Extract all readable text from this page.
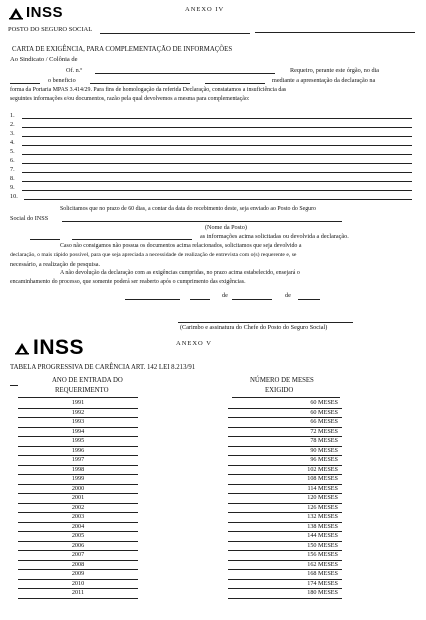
INSS	ANEXO IV
POSTO DO SEGURO SOCIAL
CARTA DE EXIGÊNCIA, PARA COMPLEMENTAÇÃO DE INFORMAÇÕES
Ao Sindicato / Colônia de
Of. n.º	Requeiro, perante este órgão, no dia
o beneficio	mediante a apresentação da declaração na
forma da Portaria MPAS 3.414/29. Para fins de homologação da referida Declaração, constatamos a insuficiência das
seguintes informações e/ou documentos, razão pela qual devolvemos a mesma para complementação:
1.
2.
3.
4.
5.
6.
7.
8.
9.
10.
Solicitamos que no prazo de 60 dias, a contar da data do recebimento deste, seja enviado ao Posto do Seguro
Social do INSS
(Nome da Posto)
as informações acima solicitadas ou devolvida a declaração.
Caso não consigamos não possua os documentos acima relacionados, solicitamos que seja devolvido a
declaração, o mais rápido possível, para que seja apreciada a necessidade de realização de entrevista com o(s) requerente e, se
necessário, a realização de pesquisa.
A não devolução da declaração com as exigências cumpridas, no prazo acima estabelecido, ensejará o
encaminhamento do processo, que somente poderá ser reaberto após o cumprimento das exigências.
de	de
(Carimbo e assinatura do Chefe do Posto do Seguro Social)
INSS	ANEXO V
TABELA PROGRESSIVA DE CARÊNCIA ART. 142 LEI 8.213/91
ANO DE ENTRADA DO
REQUERIMENTO
NÚMERO DE MESES
EXIGIDO
1991		60 MESES
1992		60 MESES
1993		66 MESES
1994		72 MESES
1995		78 MESES
1996		90 MESES
1997		96 MESES
1998		102 MESES
1999		108 MESES
2000		114 MESES
2001		120 MESES
2002		126 MESES
2003		132 MESES
2004		138 MESES
2005		144 MESES
2006		150 MESES
2007		156 MESES
2008		162 MESES
2009		168 MESES
2010		174 MESES
2011		180 MESES
